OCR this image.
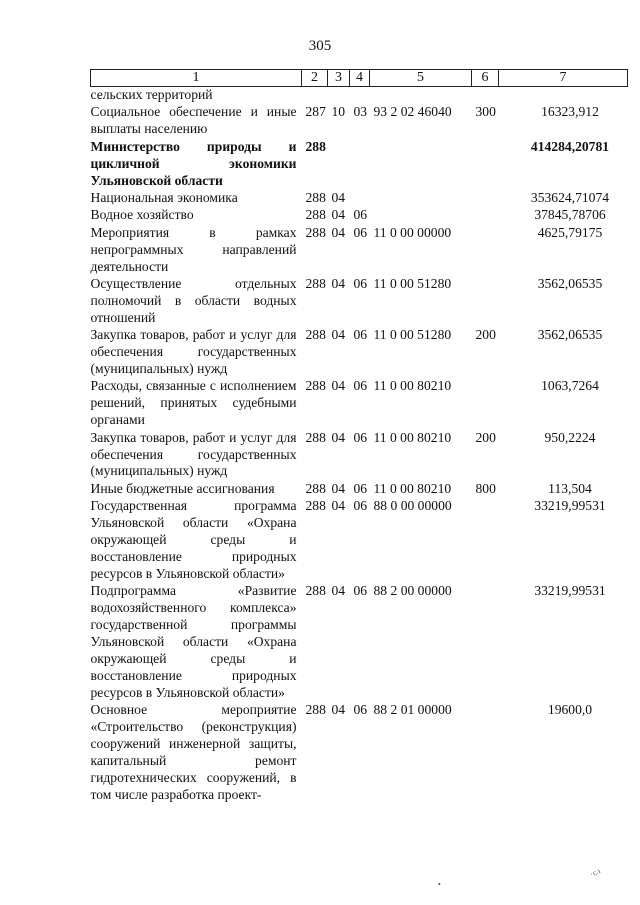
305
1	2	3	4	5	6	7
сельских территорий						
Социальное обеспечение и иные выплаты населению	287	10	03	93 2 02 46040	300	16323,912
Министерство природы и цикличной экономики Ульяновской области	288					414284,20781
Национальная экономика	288	04				353624,71074
Водное хозяйство	288	04	06			37845,78706
Мероприятия в рамках непрограммных направлений деятельности	288	04	06	11 0 00 00000		4625,79175
Осуществление отдельных полномочий в области водных отношений	288	04	06	11 0 00 51280		3562,06535
Закупка товаров, работ и услуг для обеспечения государственных (муниципальных) нужд	288	04	06	11 0 00 51280	200	3562,06535
Расходы, связанные с исполнением решений, принятых судебными органами	288	04	06	11 0 00 80210		1063,7264
Закупка товаров, работ и услуг для обеспечения государственных (муниципальных) нужд	288	04	06	11 0 00 80210	200	950,2224
Иные бюджетные ассигнования	288	04	06	11 0 00 80210	800	113,504
Государственная программа Ульяновской области «Охрана окружающей среды и восстановление природных ресурсов в Ульяновской области»	288	04	06	88 0 00 00000		33219,99531
Подпрограмма «Развитие водохозяйственного комплекса» государственной программы Ульяновской области «Охрана окружающей среды и восстановление природных ресурсов в Ульяновской области»	288	04	06	88 2 00 00000		33219,99531
Основное мероприятие «Строительство (реконструкция) сооружений инженерной защиты, капитальный ремонт гидротехнических сооружений, в том числе разработка проект-	288	04	06	88 2 01 00000		19600,0
•
·c.ı
